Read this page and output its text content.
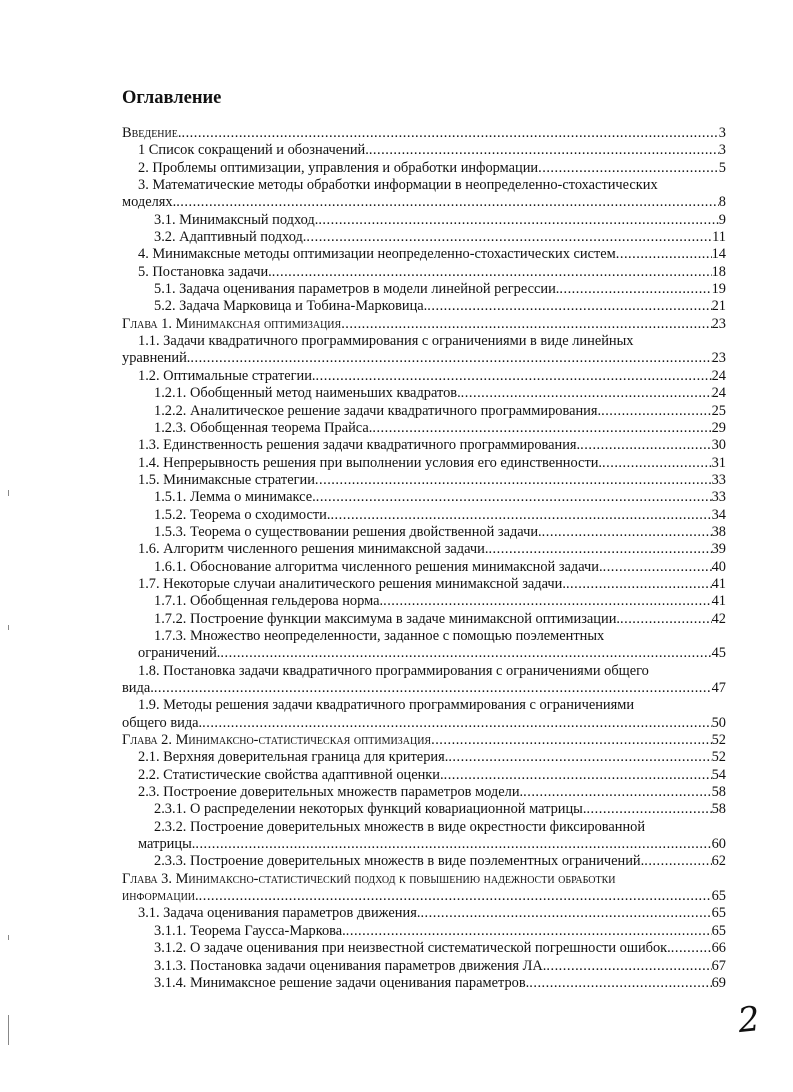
Оглавление
Введение. .....	3
1 Список сокращений и обозначений. .....	3
2. Проблемы оптимизации, управления и обработки информации .....	5
3. Математические методы обработки информации в неопределенно-стохастических
моделях. .....	8
3.1. Минимаксный подход. .....	9
3.2. Адаптивный подход. .....	11
4. Минимаксные методы оптимизации неопределенно-стохастических систем .....	14
5. Постановка задачи. .....	18
5.1. Задача оценивания параметров в модели линейной регрессии. .....	19
5.2. Задача Марковица и Тобина-Марковица. .....	21
Глава 1. Минимаксная оптимизация .....	23
1.1. Задачи квадратичного программирования с ограничениями в виде линейных
уравнений. .....	23
1.2. Оптимальные стратегии. .....	24
1.2.1. Обобщенный метод наименьших квадратов. .....	24
1.2.2. Аналитическое решение задачи квадратичного программирования. .....	25
1.2.3. Обобщенная теорема Прайса. .....	29
1.3. Единственность решения задачи квадратичного программирования. .....	30
1.4. Непрерывность решения при выполнении условия его единственности. .....	31
1.5. Минимаксные стратегии .....	33
1.5.1. Лемма о минимаксе. .....	33
1.5.2. Теорема о сходимости. .....	34
1.5.3. Теорема о существовании решения двойственной задачи. .....	38
1.6. Алгоритм численного решения минимаксной задачи. .....	39
1.6.1. Обоснование алгоритма численного решения минимаксной задачи. .....	40
1.7. Некоторые случаи аналитического решения минимаксной задачи. .....	41
1.7.1. Обобщенная гельдерова норма. .....	41
1.7.2. Построение функции максимума в задаче минимаксной оптимизации. .....	42
1.7.3. Множество неопределенности, заданное с помощью поэлементных
ограничений. .....	45
1.8. Постановка задачи квадратичного программирования с ограничениями общего
вида. .....	47
1.9. Методы решения задачи квадратичного программирования с ограничениями
общего вида. .....	50
Глава 2. Минимаксно-статистическая оптимизация .....	52
2.1. Верхняя доверительная граница для критерия. .....	52
2.2. Статистические свойства адаптивной оценки. .....	54
2.3. Построение доверительных множеств параметров модели. .....	58
2.3.1. О распределении некоторых функций ковариационной матрицы. .....	58
2.3.2. Построение доверительных множеств в виде окрестности фиксированной
матрицы. .....	60
2.3.3. Построение доверительных множеств в виде поэлементных ограничений. .....	62
Глава 3. Минимаксно-статистический подход к повышению надежности обработки
информации. .....	65
3.1. Задача оценивания параметров движения. .....	65
3.1.1. Теорема Гаусса-Маркова. .....	65
3.1.2. О задаче оценивания при неизвестной систематической погрешности ошибок. .....	66
3.1.3. Постановка задачи оценивания параметров движения ЛА. .....	67
3.1.4. Минимаксное решение задачи оценивания параметров. .....	69
2
